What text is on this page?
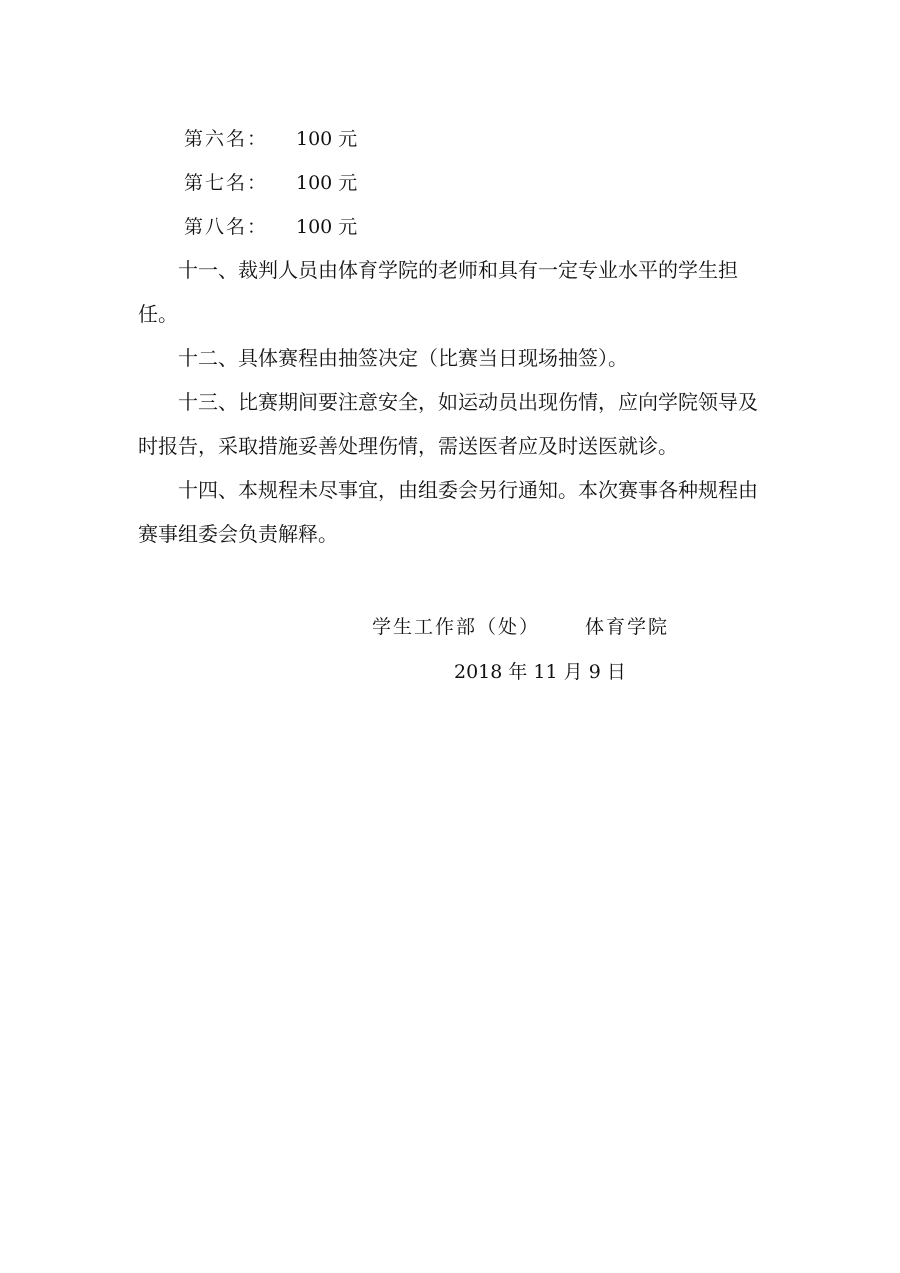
第六名： 100 元
第七名： 100 元
第八名： 100 元

十一、裁判人员由体育学院的老师和具有一定专业水平的学生担任。

十二、具体赛程由抽签决定（比赛当日现场抽签）。

十三、比赛期间要注意安全，如运动员出现伤情，应向学院领导及时报告，采取措施妥善处理伤情，需送医者应及时送医就诊。

十四、本规程未尽事宜，由组委会另行通知。本次赛事各种规程由赛事组委会负责解释。

学生工作部（处） 体育学院
2018 年 11 月 9 日
